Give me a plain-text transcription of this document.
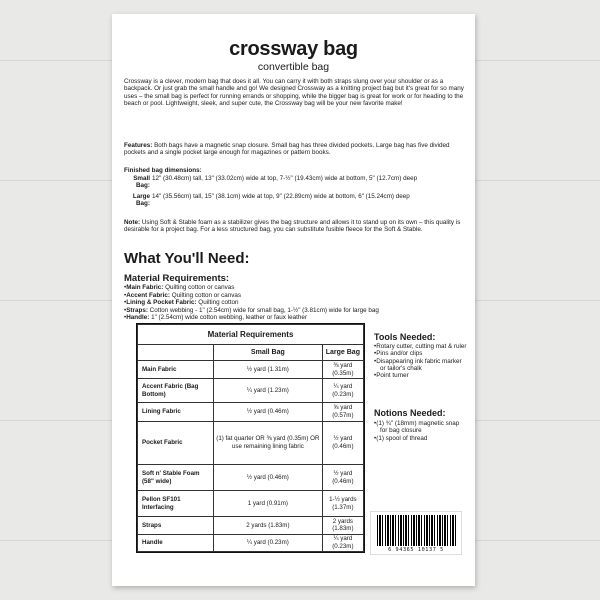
crossway bag
convertible bag
Crossway is a clever, modern bag that does it all. You can carry it with both straps slung over your shoulder or as a backpack. Or just grab the small handle and go! We designed Crossway as a knitting project bag but it's great for so many uses – the small bag is perfect for running errands or shopping, while the bigger bag is great for work or for heading to the beach or pool. Lightweight, sleek, and super cute, the Crossway bag will be your new favorite make!
Features: Both bags have a magnetic snap closure. Small bag has three divided pockets. Large bag has five divided pockets and a single pocket large enough for magazines or pattern books.
Finished bag dimensions:
Small Bag:
12" (30.48cm) tall, 13" (33.02cm) wide at top, 7-½" (19.43cm) wide at bottom, 5" (12.7cm) deep
Large Bag:
14" (35.56cm) tall, 15" (38.1cm) wide at top, 9" (22.89cm) wide at bottom, 6" (15.24cm) deep
Note: Using Soft & Stable foam as a stabilizer gives the bag structure and allows it to stand up on its own – this quality is desirable for a project bag. For a less structured bag, you can substitute fusible fleece for the Soft & Stable.
What You'll Need:
Material Requirements:
• Main Fabric: Quilting cotton or canvas
• Accent Fabric: Quilting cotton or canvas
• Lining & Pocket Fabric: Quilting cotton
• Straps: Cotton webbing - 1" (2.54cm) wide for small bag, 1-½" (3.81cm) wide for large bag
• Handle: 1" (2.54cm) wide cotton webbing, leather or faux leather
Material Requirements		
	Small Bag	Large Bag
Main Fabric	½ yard (1.31m)	⅜ yard (0.35m)
Accent Fabric (Bag Bottom)	¼ yard (1.23m)	¼ yard (0.23m)
Lining Fabric	½ yard (0.46m)	⅝ yard (0.57m)
Pocket Fabric	(1) fat quarter OR ⅜ yard (0.35m) OR use remaining lining fabric	½ yard (0.46m)
Soft n' Stable Foam (58" wide)	½ yard (0.46m)	½ yard (0.46m)
Pellon SF101 Interfacing	1 yard (0.91m)	1-½ yards (1.37m)
Straps	2 yards (1.83m)	2 yards (1.83m)
Handle	¼ yard (0.23m)	¼ yard (0.23m)
Tools Needed:
• Rotary cutter, cutting mat & ruler
• Pins and/or clips
• Disappearing ink fabric marker or tailor's chalk
• Point turner
Notions Needed:
• (1) ¾" (18mm) magnetic snap for bag closure
• (1) spool of thread
6 94365 10137 5
